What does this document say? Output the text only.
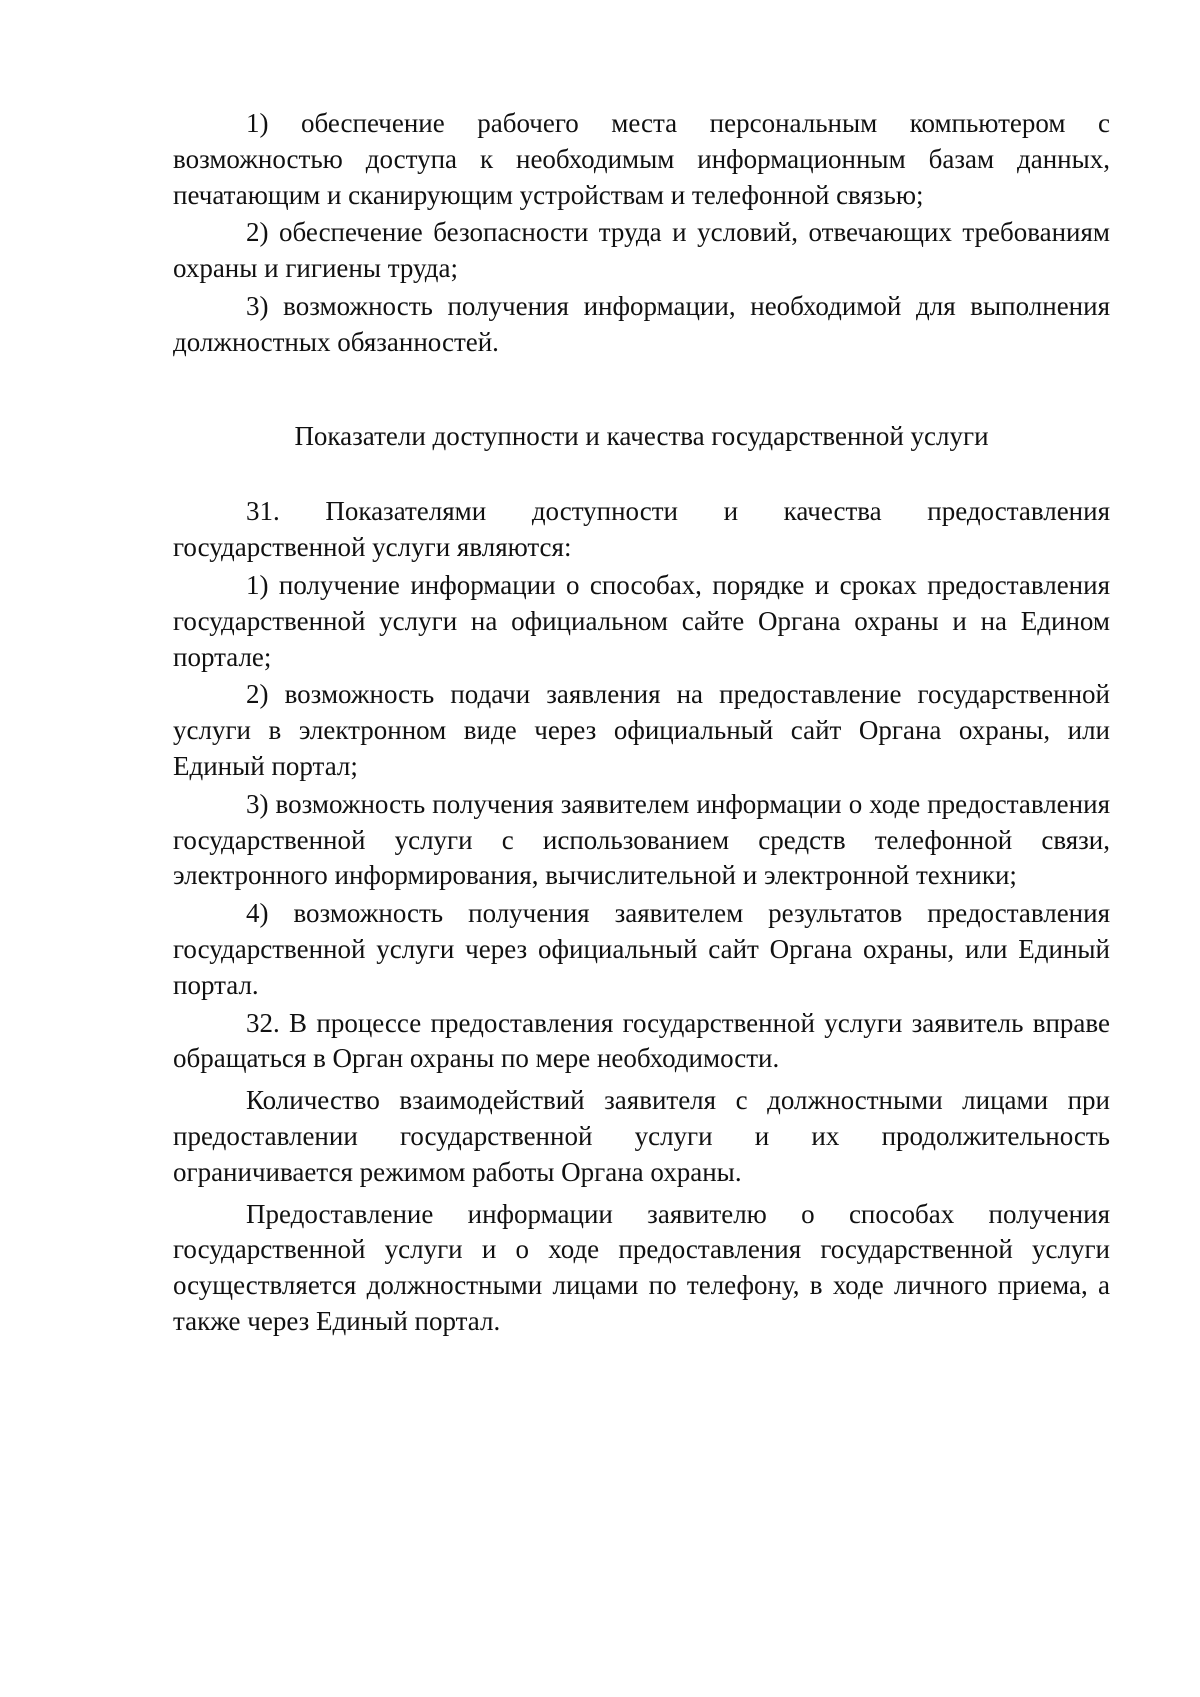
1) обеспечение рабочего места персональным компьютером с возможностью доступа к необходимым информационным базам данных, печатающим и сканирующим устройствам и телефонной связью;

2) обеспечение безопасности труда и условий, отвечающих требованиям охраны и гигиены труда;

3) возможность получения информации, необходимой для выполнения должностных обязанностей.

Показатели доступности и качества государственной услуги

31. Показателями доступности и качества предоставления государственной услуги являются:

1) получение информации о способах, порядке и сроках предоставления государственной услуги на официальном сайте Органа охраны и на Едином портале;

2) возможность подачи заявления на предоставление государственной услуги в электронном виде через официальный сайт Органа охраны, или Единый портал;

3) возможность получения заявителем информации о ходе предоставления государственной услуги с использованием средств телефонной связи, электронного информирования, вычислительной и электронной техники;

4) возможность получения заявителем результатов предоставления государственной услуги через официальный сайт Органа охраны, или Единый портал.

32. В процессе предоставления государственной услуги заявитель вправе обращаться в Орган охраны по мере необходимости.

Количество взаимодействий заявителя с должностными лицами при предоставлении государственной услуги и их продолжительность ограничивается режимом работы Органа охраны.

Предоставление информации заявителю о способах получения государственной услуги и о ходе предоставления государственной услуги осуществляется должностными лицами по телефону, в ходе личного приема, а также через Единый портал.
